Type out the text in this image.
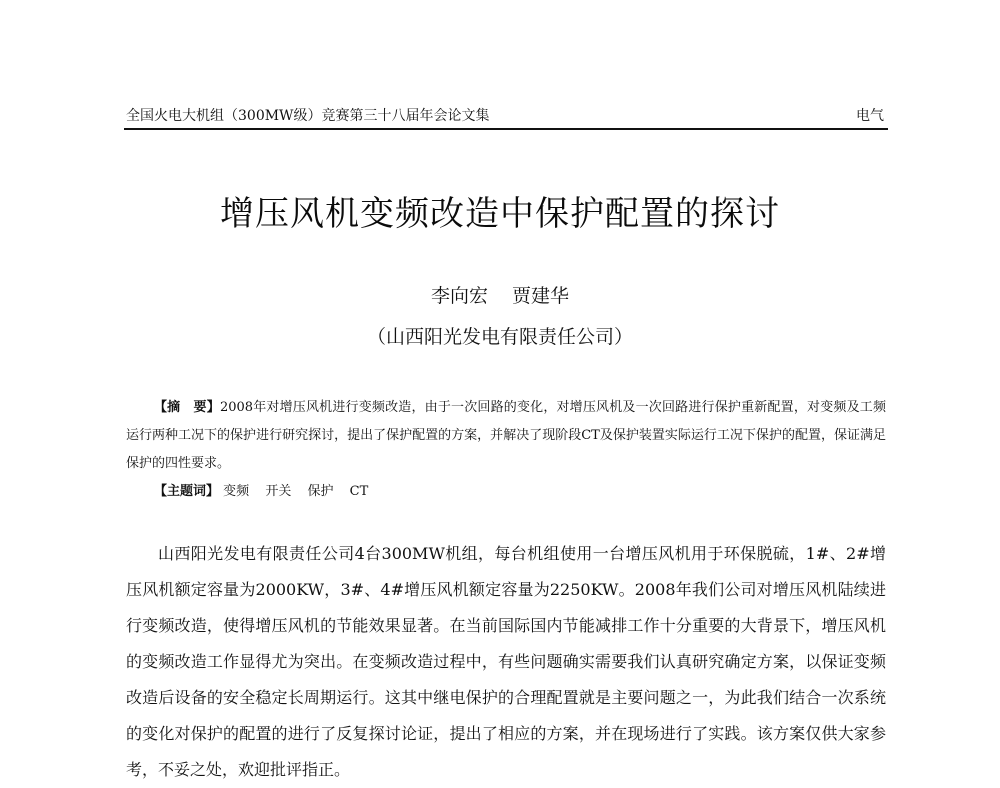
全国火电大机组（300MW级）竞赛第三十八届年会论文集	电气
增压风机变频改造中保护配置的探讨
李向宏 贾建华
（山西阳光发电有限责任公司）
【摘　要】2008年对增压风机进行变频改造，由于一次回路的变化，对增压风机及一次回路进行保护重新配置，对变频及工频运行两种工况下的保护进行研究探讨，提出了保护配置的方案，并解决了现阶段CT及保护装置实际运行工况下保护的配置，保证满足保护的四性要求。
【主题词】 变频 开关 保护 CT
山西阳光发电有限责任公司4台300MW机组，每台机组使用一台增压风机用于环保脱硫，1#、2#增压风机额定容量为2000KW，3#、4#增压风机额定容量为2250KW。2008年我们公司对增压风机陆续进行变频改造，使得增压风机的节能效果显著。在当前国际国内节能减排工作十分重要的大背景下，增压风机的变频改造工作显得尤为突出。在变频改造过程中，有些问题确实需要我们认真研究确定方案，以保证变频改造后设备的安全稳定长周期运行。这其中继电保护的合理配置就是主要问题之一，为此我们结合一次系统的变化对保护的配置的进行了反复探讨论证，提出了相应的方案，并在现场进行了实践。该方案仅供大家参考，不妥之处，欢迎批评指正。
